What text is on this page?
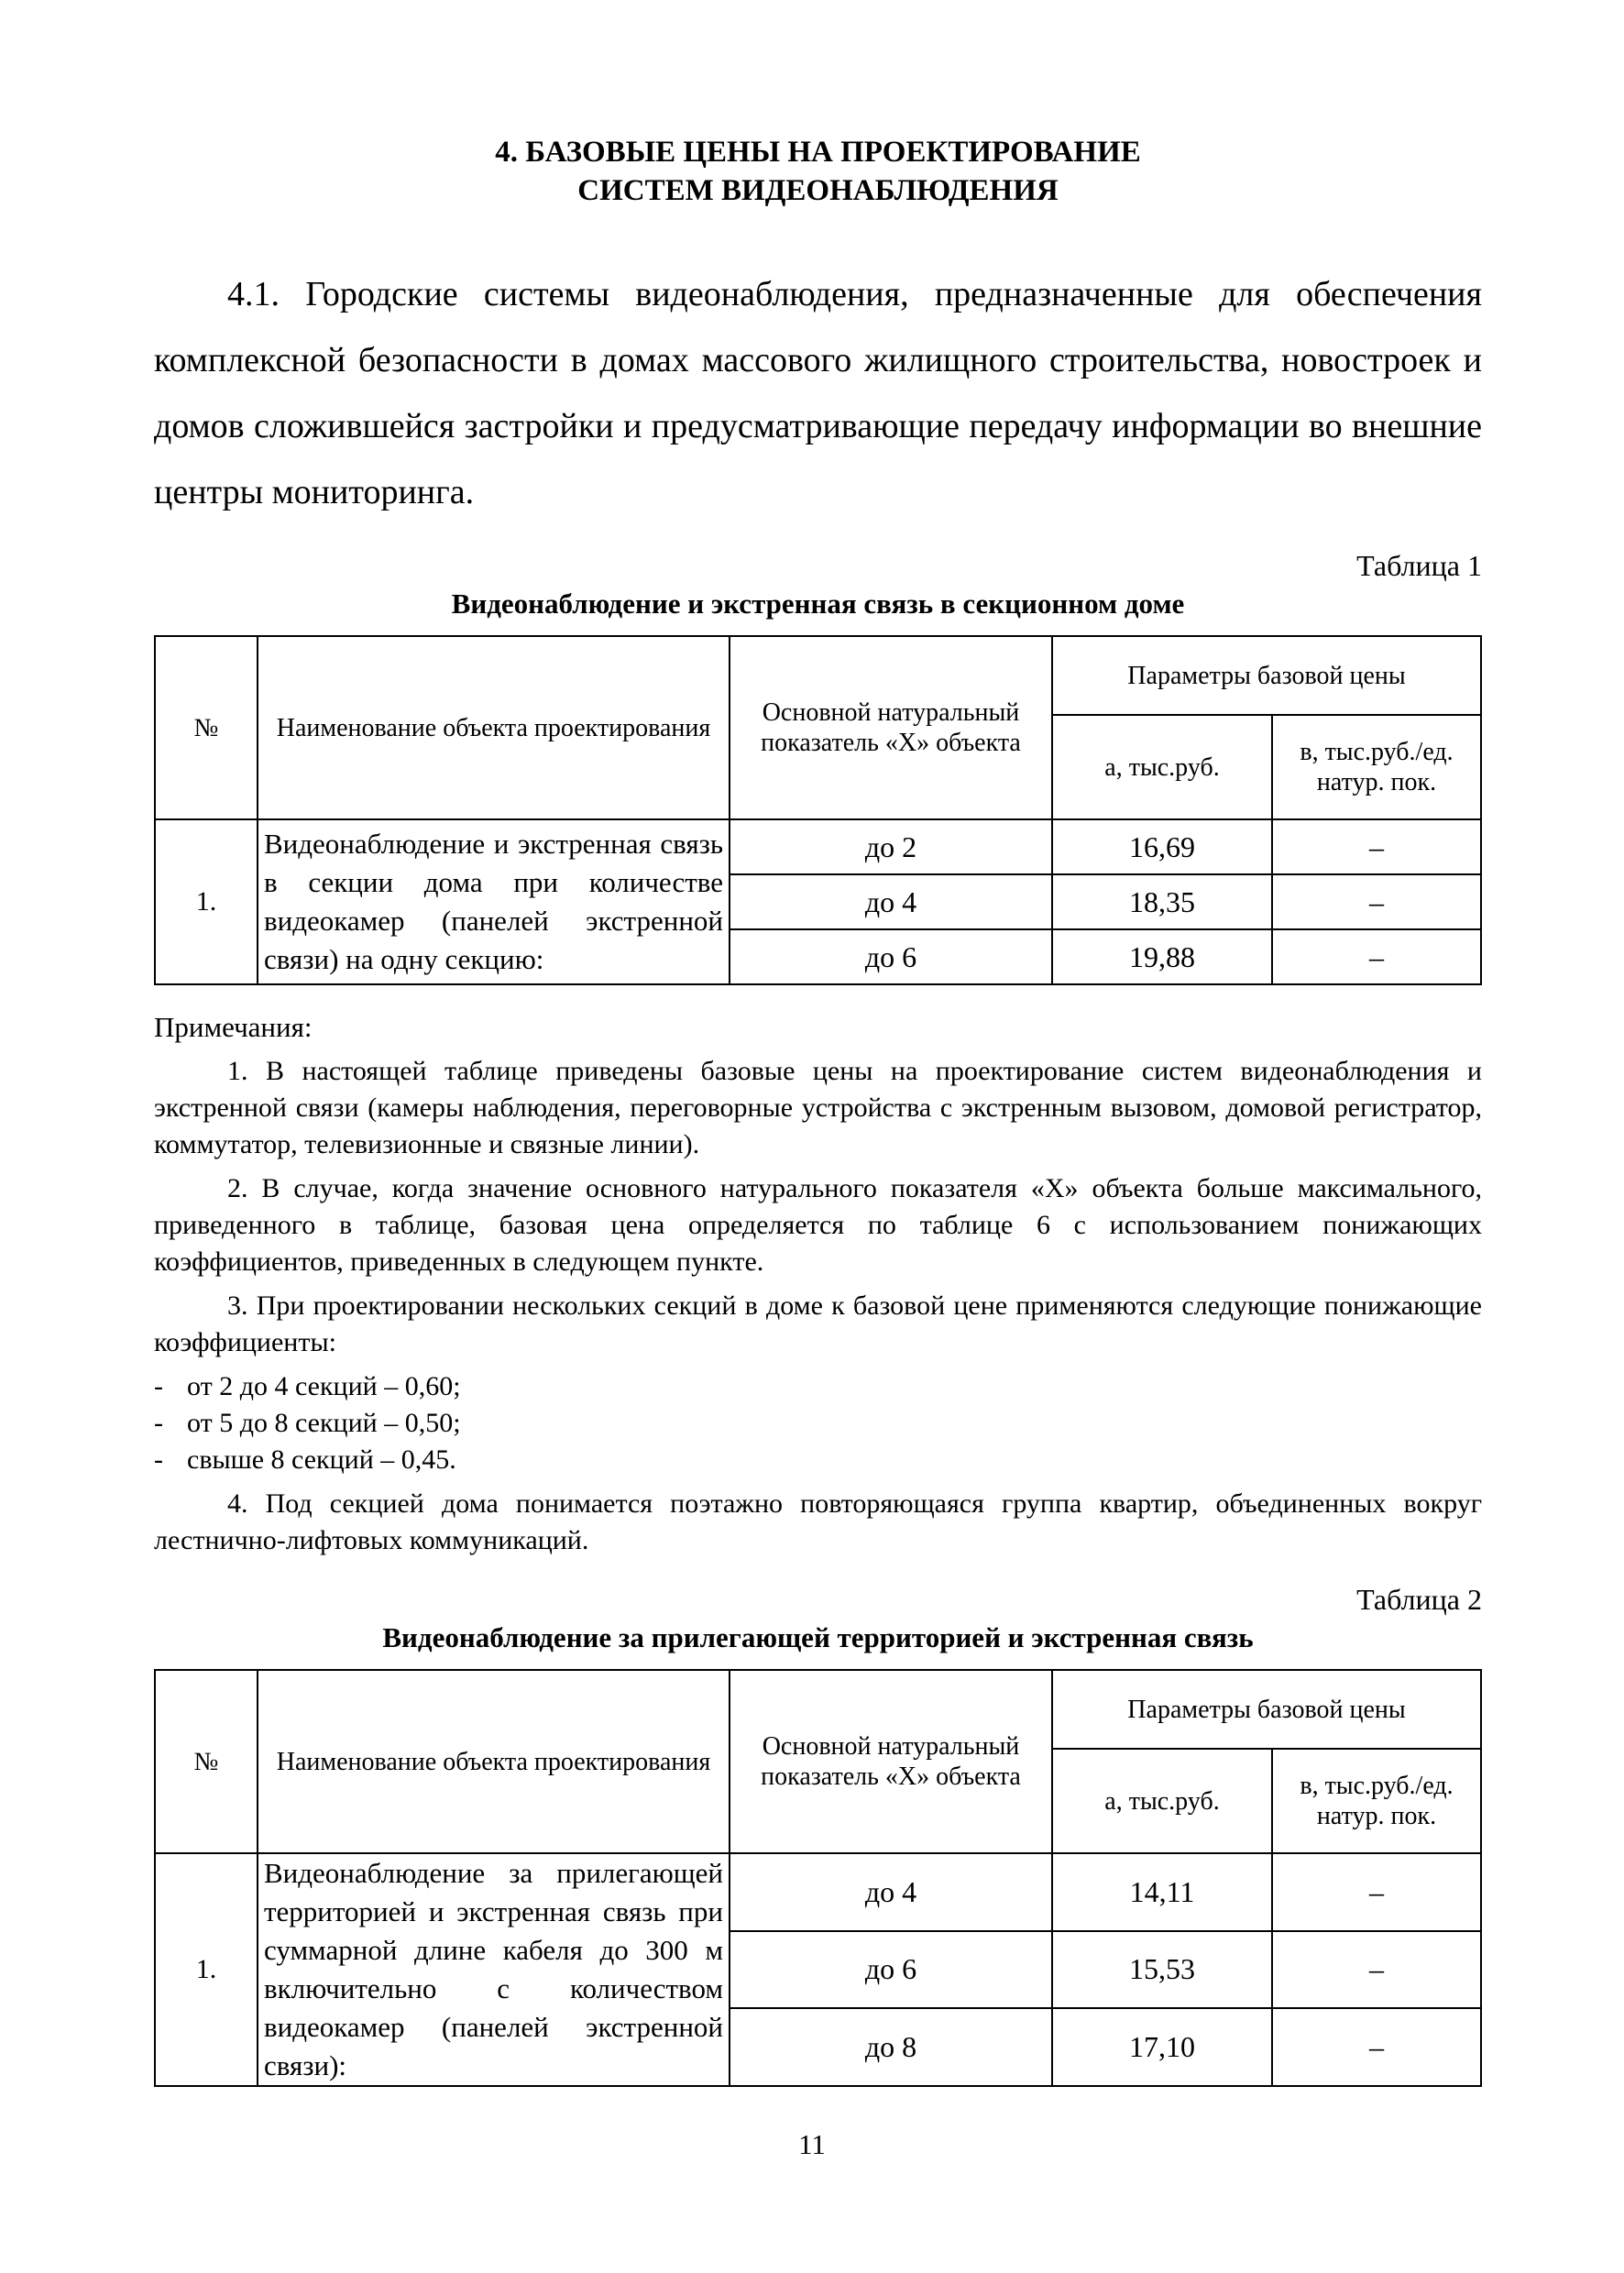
4. БАЗОВЫЕ ЦЕНЫ НА ПРОЕКТИРОВАНИЕ
СИСТЕМ ВИДЕОНАБЛЮДЕНИЯ

4.1. Городские системы видеонаблюдения, предназначенные для обеспечения комплексной безопасности в домах массового жилищного строительства, новостроек и домов сложившейся застройки и предусматривающие передачу информации во внешние центры мониторинга.

Таблица 1
Видеонаблюдение и экстренная связь в секционном доме
№	Наименование объекта проектирования	Основной натуральный показатель «Х» объекта	Параметры базовой цены	
			а, тыс.руб.	в, тыс.руб./ед. натур. пок.
1.	Видеонаблюдение и экстренная связь в секции дома при количестве видеокамер (панелей экстренной связи) на одну секцию:	до 2	16,69	–
		до 4	18,35	–
		до 6	19,88	–
Примечания:

1. В настоящей таблице приведены базовые цены на проектирование систем видеонаблюдения и экстренной связи (камеры наблюдения, переговорные устройства с экстренным вызовом, домовой регистратор, коммутатор, телевизионные и связные линии).

2. В случае, когда значение основного натурального показателя «Х» объекта больше максимального, приведенного в таблице, базовая цена определяется по таблице 6 с использованием понижающих коэффициентов, приведенных в следующем пункте.

3. При проектировании нескольких секций в доме к базовой цене применяются следующие понижающие коэффициенты:

- от 2 до 4 секций – 0,60;
- от 5 до 8 секций – 0,50;
- свыше 8 секций – 0,45.

4. Под секцией дома понимается поэтажно повторяющаяся группа квартир, объединенных вокруг лестнично-лифтовых коммуникаций.

Таблица 2
Видеонаблюдение за прилегающей территорией и экстренная связь
№	Наименование объекта проектирования	Основной натуральный показатель «Х» объекта	Параметры базовой цены	
			а, тыс.руб.	в, тыс.руб./ед. натур. пок.
1.	Видеонаблюдение за прилегающей территорией и экстренная связь при суммарной длине кабеля до 300 м включительно с количеством видеокамер (панелей экстренной связи):	до 4	14,11	–
		до 6	15,53	–
		до 8	17,10	–
11
